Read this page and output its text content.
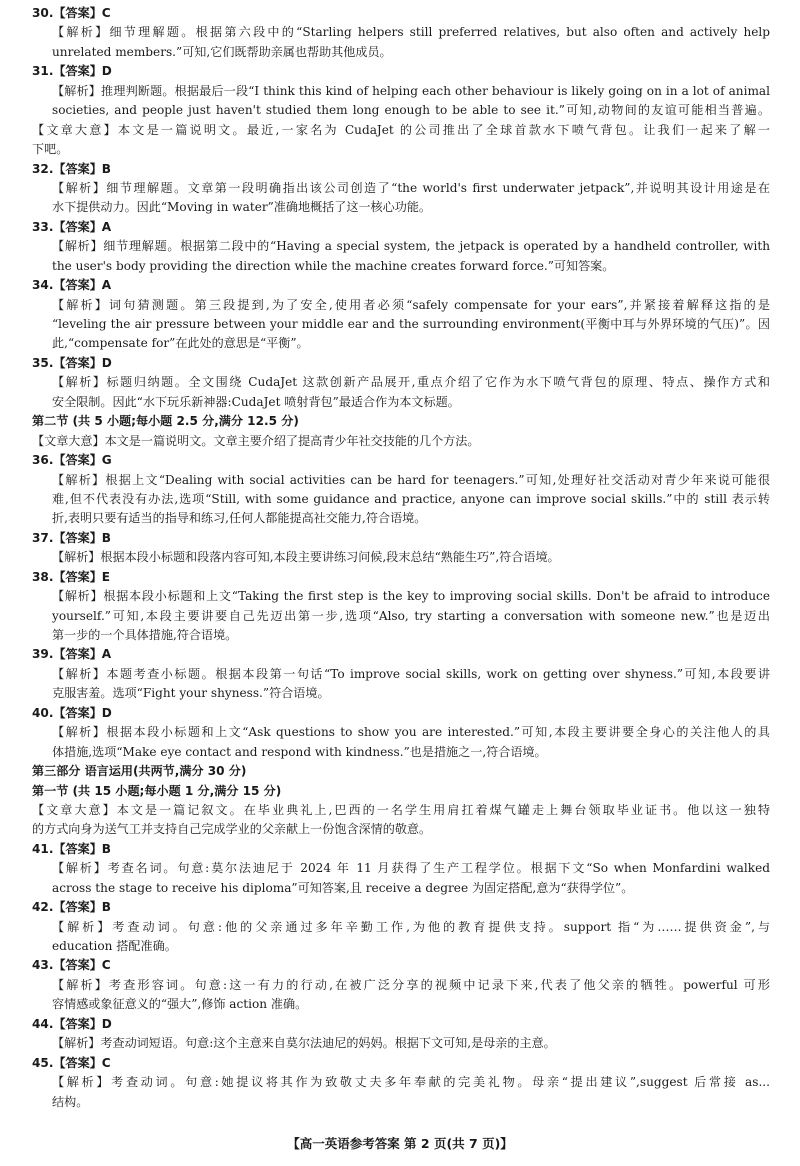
30.【答案】C
【解析】细节理解题。根据第六段中的“Starling helpers still preferred relatives, but also often and actively help
unrelated members.”可知,它们既帮助亲属也帮助其他成员。
31.【答案】D
【解析】推理判断题。根据最后一段“I think this kind of helping each other behaviour is likely going on in a lot of animal
societies, and people just haven't studied them long enough to be able to see it.”可知,动物间的友谊可能相当普遍。
【文章大意】本文是一篇说明文。最近,一家名为 CudaJet 的公司推出了全球首款水下喷气背包。让我们一起来了解一
下吧。
32.【答案】B
【解析】细节理解题。文章第一段明确指出该公司创造了“the world's first underwater jetpack”,并说明其设计用途是在
水下提供动力。因此“Moving in water”准确地概括了这一核心功能。
33.【答案】A
【解析】细节理解题。根据第二段中的“Having a special system, the jetpack is operated by a handheld controller, with
the user's body providing the direction while the machine creates forward force.”可知答案。
34.【答案】A
【解析】词句猜测题。第三段提到,为了安全,使用者必须“safely compensate for your ears”,并紧接着解释这指的是
“leveling the air pressure between your middle ear and the surrounding environment(平衡中耳与外界环境的气压)”。因
此,“compensate for”在此处的意思是“平衡”。
35.【答案】D
【解析】标题归纳题。全文围绕 CudaJet 这款创新产品展开,重点介绍了它作为水下喷气背包的原理、特点、操作方式和
安全限制。因此“水下玩乐新神器:CudaJet 喷射背包”最适合作为本文标题。
第二节 (共 5 小题;每小题 2.5 分,满分 12.5 分)
【文章大意】本文是一篇说明文。文章主要介绍了提高青少年社交技能的几个方法。
36.【答案】G
【解析】根据上文“Dealing with social activities can be hard for teenagers.”可知,处理好社交活动对青少年来说可能很
难,但不代表没有办法,选项“Still, with some guidance and practice, anyone can improve social skills.”中的 still 表示转
折,表明只要有适当的指导和练习,任何人都能提高社交能力,符合语境。
37.【答案】B
【解析】根据本段小标题和段落内容可知,本段主要讲练习问候,段末总结“熟能生巧”,符合语境。
38.【答案】E
【解析】根据本段小标题和上文“Taking the first step is the key to improving social skills. Don't be afraid to introduce
yourself.”可知,本段主要讲要自己先迈出第一步,选项“Also, try starting a conversation with someone new.”也是迈出
第一步的一个具体措施,符合语境。
39.【答案】A
【解析】本题考查小标题。根据本段第一句话“To improve social skills, work on getting over shyness.”可知,本段要讲
克服害羞。选项“Fight your shyness.”符合语境。
40.【答案】D
【解析】根据本段小标题和上文“Ask questions to show you are interested.”可知,本段主要讲要全身心的关注他人的具
体措施,选项“Make eye contact and respond with kindness.”也是措施之一,符合语境。
第三部分 语言运用(共两节,满分 30 分)
第一节 (共 15 小题;每小题 1 分,满分 15 分)
【文章大意】本文是一篇记叙文。在毕业典礼上,巴西的一名学生用肩扛着煤气罐走上舞台领取毕业证书。他以这一独特
的方式向身为送气工并支持自己完成学业的父亲献上一份饱含深情的敬意。
41.【答案】B
【解析】考查名词。句意:莫尔法迪尼于 2024 年 11 月获得了生产工程学位。根据下文“So when Monfardini walked
across the stage to receive his diploma”可知答案,且 receive a degree 为固定搭配,意为“获得学位”。
42.【答案】B
【解析】考查动词。句意:他的父亲通过多年辛勤工作,为他的教育提供支持。support 指“为……提供资金”,与
education 搭配准确。
43.【答案】C
【解析】考查形容词。句意:这一有力的行动,在被广泛分享的视频中记录下来,代表了他父亲的牺牲。powerful 可形
容情感或象征意义的“强大”,修饰 action 准确。
44.【答案】D
【解析】考查动词短语。句意:这个主意来自莫尔法迪尼的妈妈。根据下文可知,是母亲的主意。
45.【答案】C
【解析】考查动词。句意:她提议将其作为致敬丈夫多年奉献的完美礼物。母亲“提出建议”,suggest 后常接 as...
结构。
【高一英语参考答案 第 2 页(共 7 页)】
